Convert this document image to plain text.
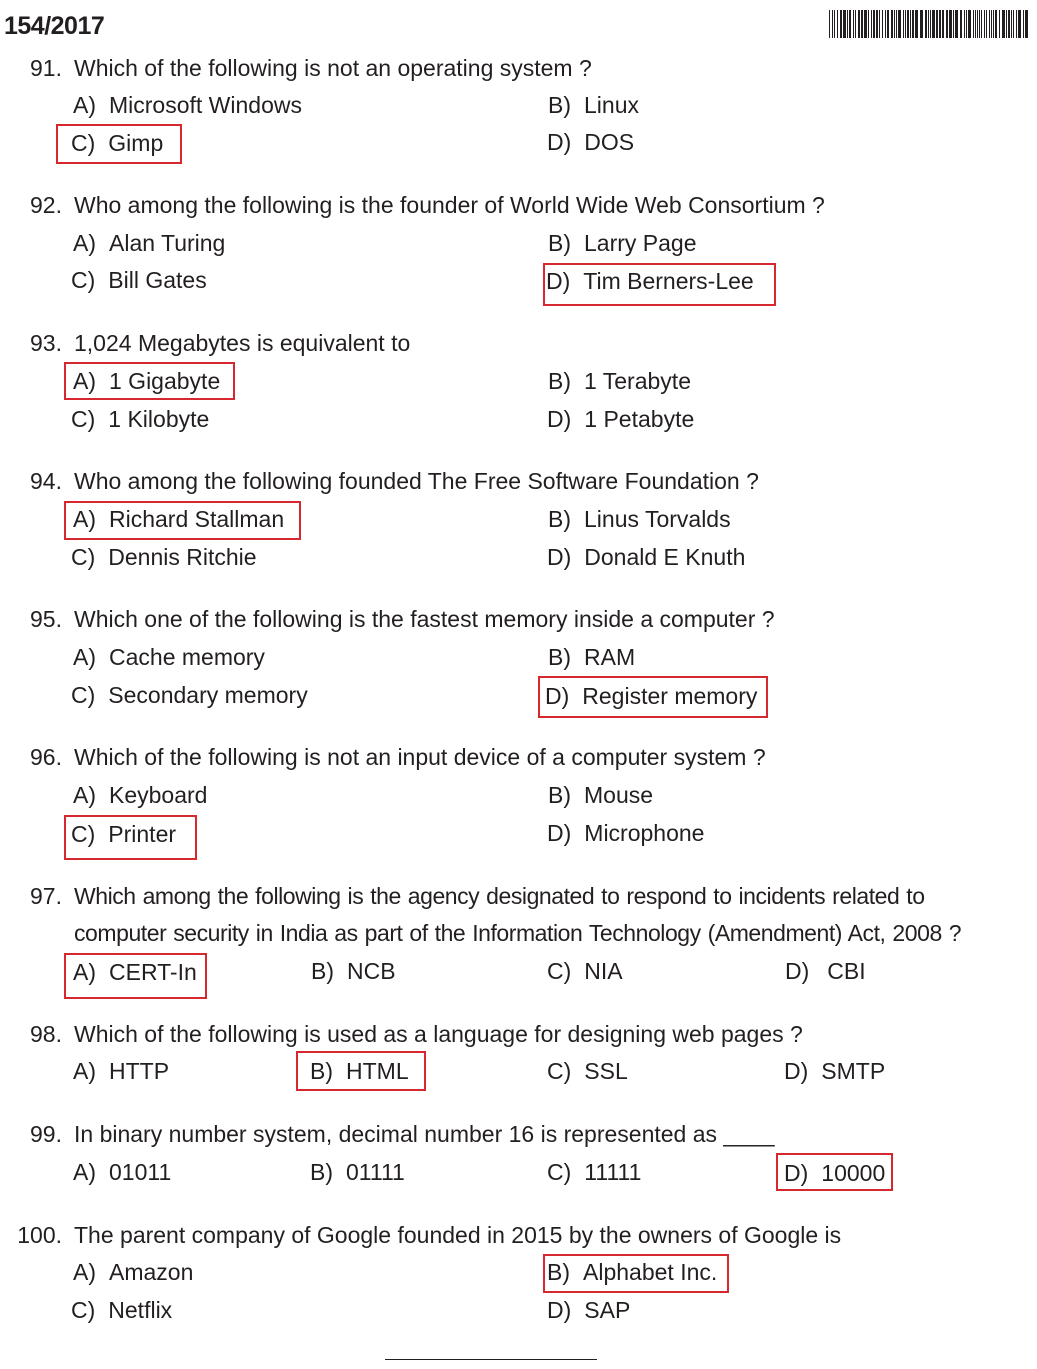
154/2017
91. Which of the following is not an operating system ?
A) Microsoft Windows	B) Linux
C) Gimp	D) DOS
92. Who among the following is the founder of World Wide Web Consortium ?
A) Alan Turing	B) Larry Page
C) Bill Gates	D) Tim Berners-Lee
93. 1,024 Megabytes is equivalent to
A) 1 Gigabyte	B) 1 Terabyte
C) 1 Kilobyte	D) 1 Petabyte
94. Who among the following founded The Free Software Foundation ?
A) Richard Stallman	B) Linus Torvalds
C) Dennis Ritchie	D) Donald E Knuth
95. Which one of the following is the fastest memory inside a computer ?
A) Cache memory	B) RAM
C) Secondary memory	D) Register memory
96. Which of the following is not an input device of a computer system ?
A) Keyboard	B) Mouse
C) Printer	D) Microphone
97. Which among the following is the agency designated to respond to incidents related to computer security in India as part of the Information Technology (Amendment) Act, 2008 ?
A) CERT-In	B) NCB	C) NIA	D) CBI
98. Which of the following is used as a language for designing web pages ?
A) HTTP	B) HTML	C) SSL	D) SMTP
99. In binary number system, decimal number 16 is represented as ____
A) 01011	B) 01111	C) 11111	D) 10000
100. The parent company of Google founded in 2015 by the owners of Google is
A) Amazon	B) Alphabet Inc.
C) Netflix	D) SAP
